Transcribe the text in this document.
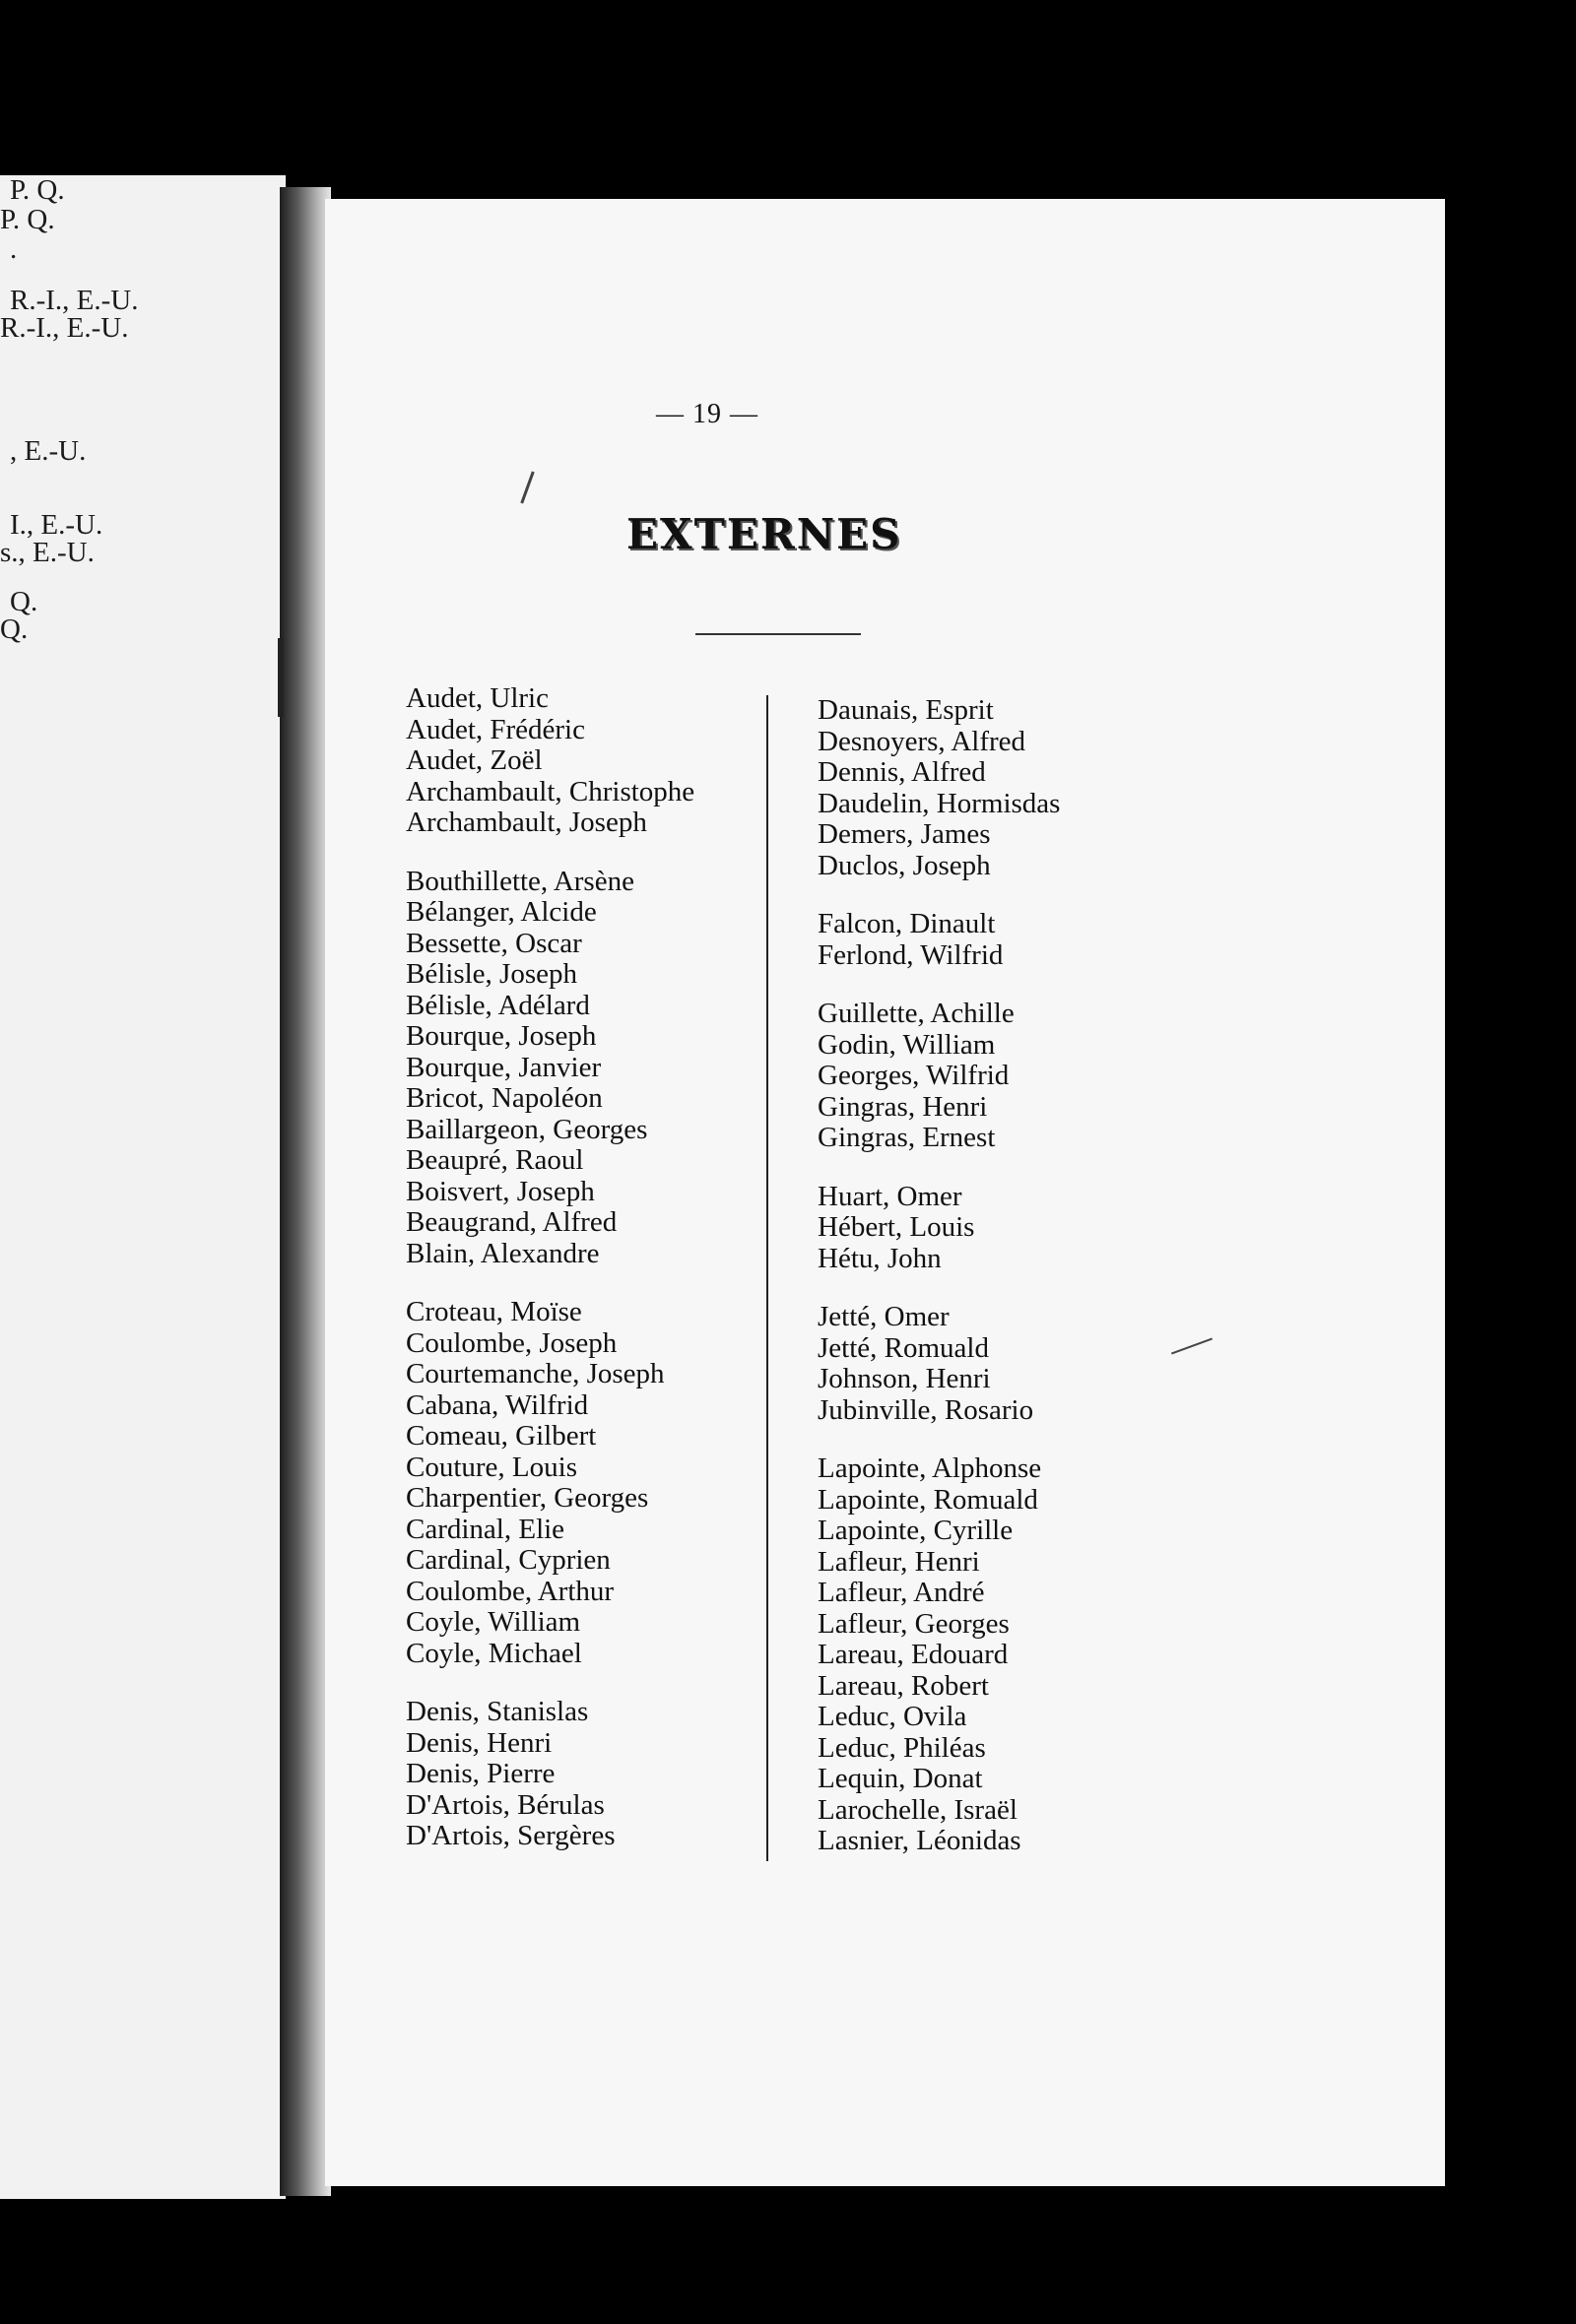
P. Q.
P. Q.
.
R.-I., E.-U.
R.-I., E.-U.
, E.-U.
I., E.-U.
s., E.-U.
Q.
Q.
— 19 —
EXTERNES
Audet, Ulric
Audet, Frédéric
Audet, Zoël
Archambault, Christophe
Archambault, Joseph
Bouthillette, Arsène
Bélanger, Alcide
Bessette, Oscar
Bélisle, Joseph
Bélisle, Adélard
Bourque, Joseph
Bourque, Janvier
Bricot, Napoléon
Baillargeon, Georges
Beaupré, Raoul
Boisvert, Joseph
Beaugrand, Alfred
Blain, Alexandre
Croteau, Moïse
Coulombe, Joseph
Courtemanche, Joseph
Cabana, Wilfrid
Comeau, Gilbert
Couture, Louis
Charpentier, Georges
Cardinal, Elie
Cardinal, Cyprien
Coulombe, Arthur
Coyle, William
Coyle, Michael
Denis, Stanislas
Denis, Henri
Denis, Pierre
D'Artois, Bérulas
D'Artois, Sergères
Daunais, Esprit
Desnoyers, Alfred
Dennis, Alfred
Daudelin, Hormisdas
Demers, James
Duclos, Joseph
Falcon, Dinault
Ferlond, Wilfrid
Guillette, Achille
Godin, William
Georges, Wilfrid
Gingras, Henri
Gingras, Ernest
Huart, Omer
Hébert, Louis
Hétu, John
Jetté, Omer
Jetté, Romuald
Johnson, Henri
Jubinville, Rosario
Lapointe, Alphonse
Lapointe, Romuald
Lapointe, Cyrille
Lafleur, Henri
Lafleur, André
Lafleur, Georges
Lareau, Edouard
Lareau, Robert
Leduc, Ovila
Leduc, Philéas
Lequin, Donat
Larochelle, Israël
Lasnier, Léonidas
